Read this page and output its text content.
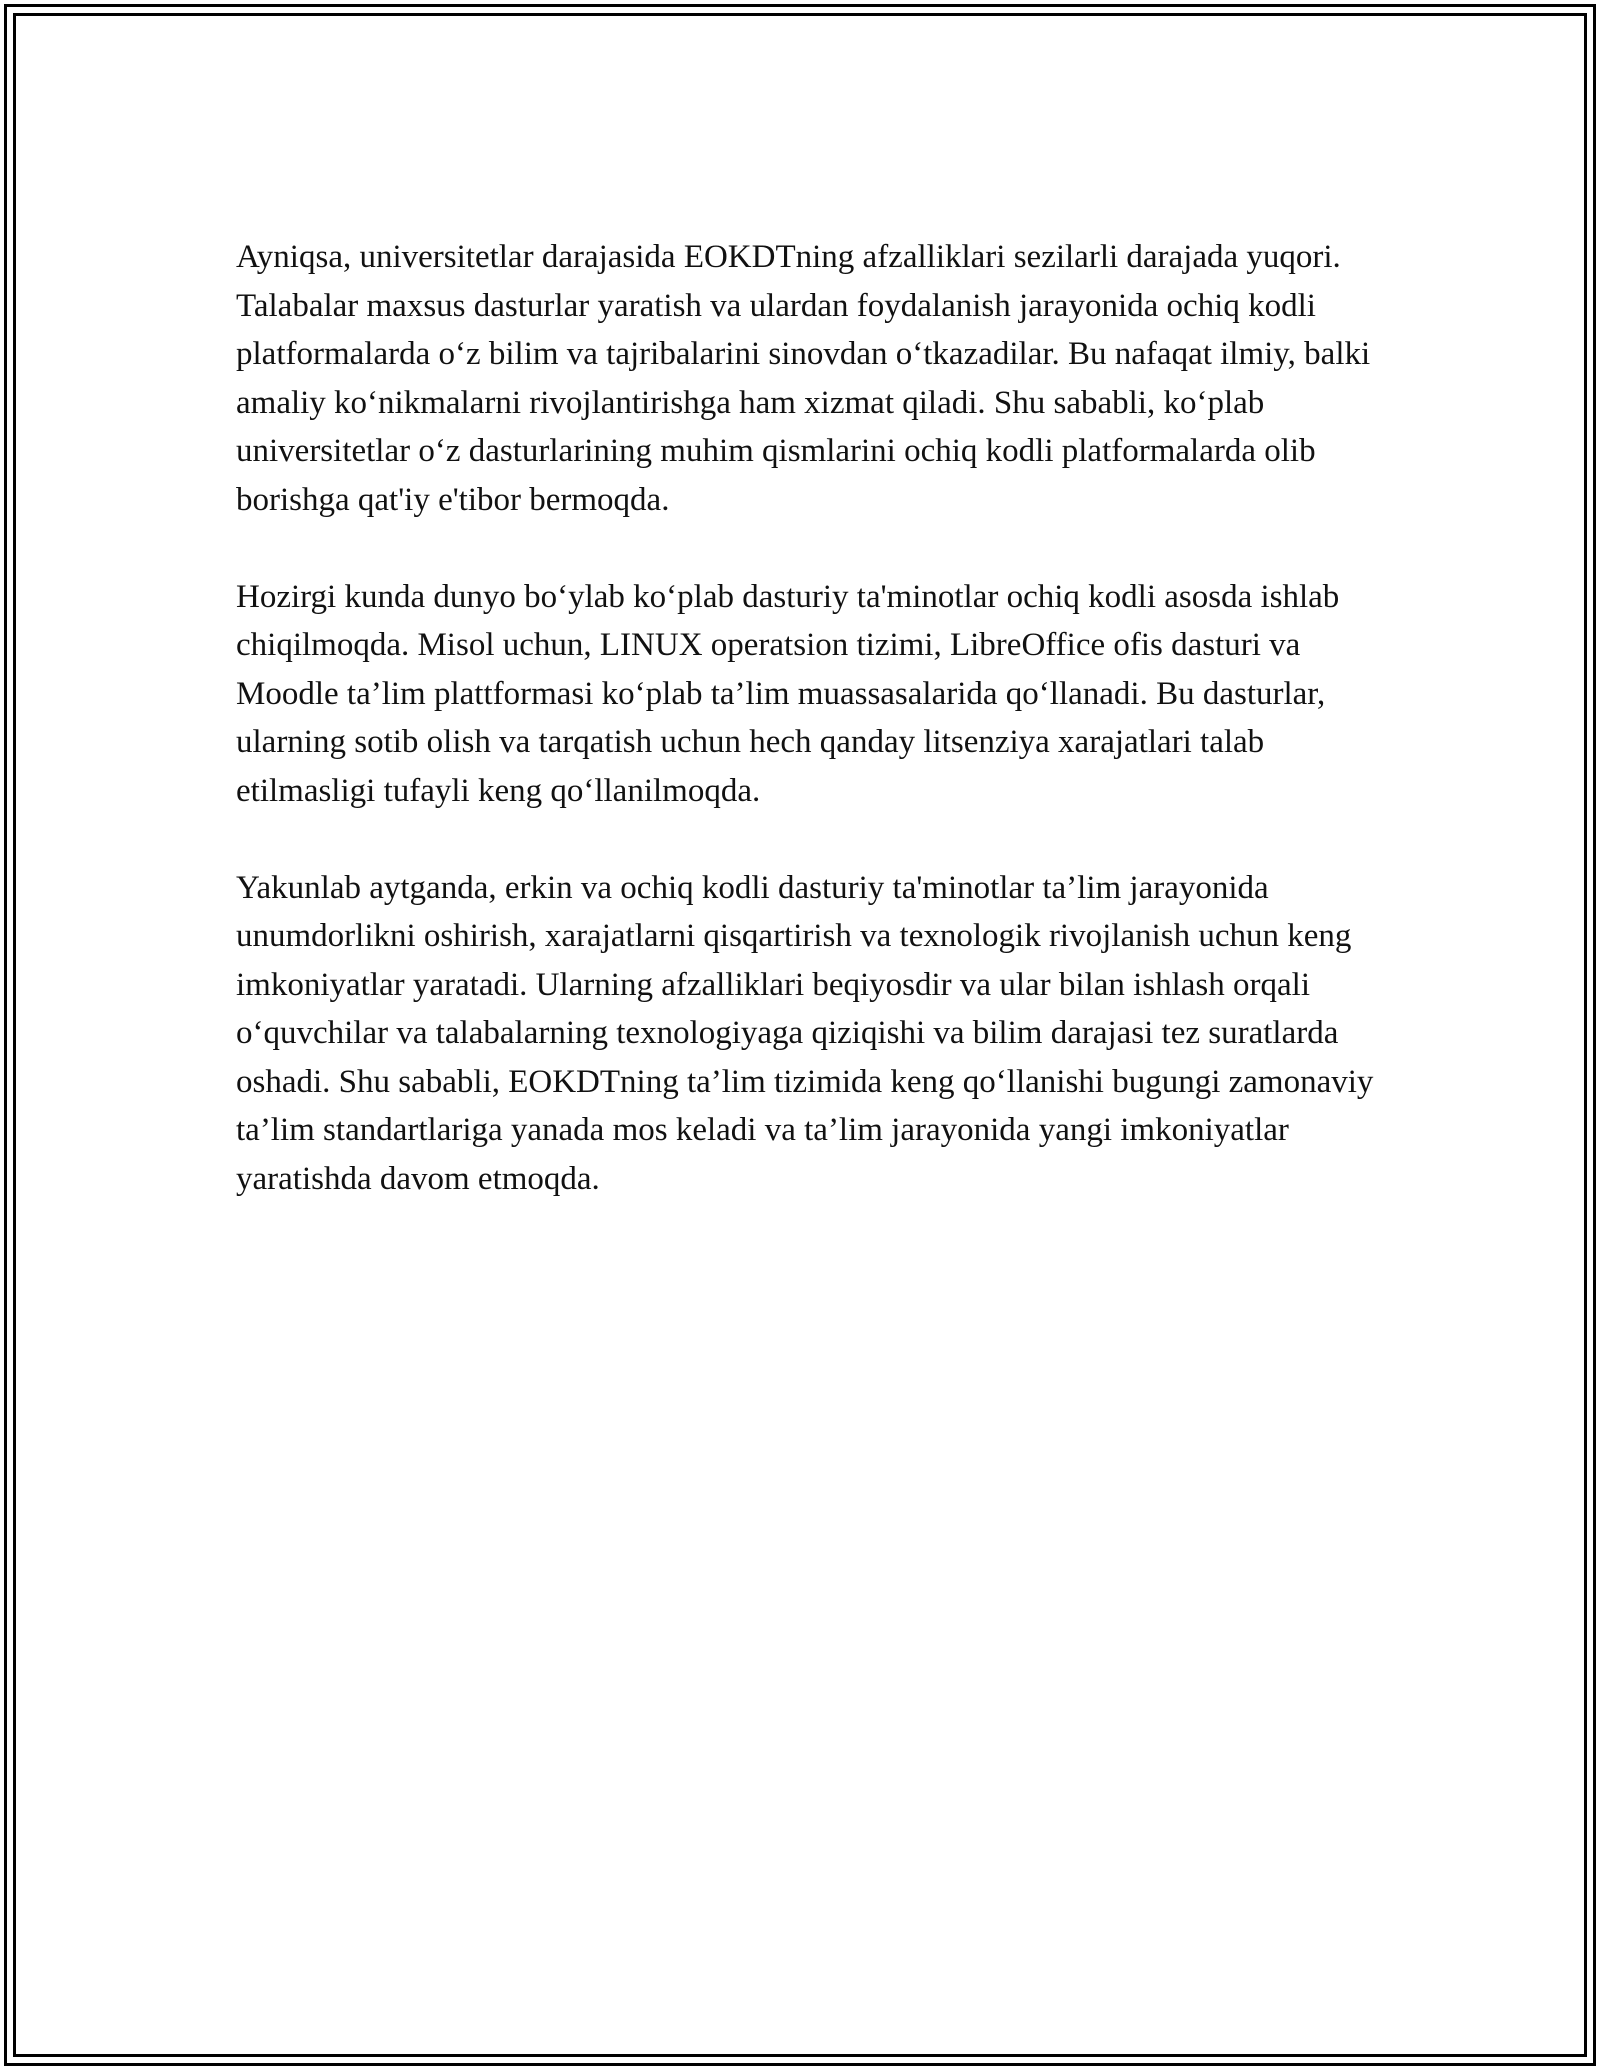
Ayniqsa, universitetlar darajasida EOKDTning afzalliklari sezilarli darajada yuqori. Talabalar maxsus dasturlar yaratish va ulardan foydalanish jarayonida ochiq kodli platformalarda o‘z bilim va tajribalarini sinovdan o‘tkazadilar. Bu nafaqat ilmiy, balki amaliy ko‘nikmalarni rivojlantirishga ham xizmat qiladi. Shu sababli, ko‘plab universitetlar o‘z dasturlarining muhim qismlarini ochiq kodli platformalarda olib borishga qat'iy e'tibor bermoqda.

Hozirgi kunda dunyo bo‘ylab ko‘plab dasturiy ta'minotlar ochiq kodli asosda ishlab chiqilmoqda. Misol uchun, LINUX operatsion tizimi, LibreOffice ofis dasturi va Moodle ta’lim plattformasi ko‘plab ta’lim muassasalarida qo‘llanadi. Bu dasturlar, ularning sotib olish va tarqatish uchun hech qanday litsenziya xarajatlari talab etilmasligi tufayli keng qo‘llanilmoqda.

Yakunlab aytganda, erkin va ochiq kodli dasturiy ta'minotlar ta’lim jarayonida unumdorlikni oshirish, xarajatlarni qisqartirish va texnologik rivojlanish uchun keng imkoniyatlar yaratadi. Ularning afzalliklari beqiyosdir va ular bilan ishlash orqali o‘quvchilar va talabalarning texnologiyaga qiziqishi va bilim darajasi tez suratlarda oshadi. Shu sababli, EOKDTning ta’lim tizimida keng qo‘llanishi bugungi zamonaviy ta’lim standartlariga yanada mos keladi va ta’lim jarayonida yangi imkoniyatlar yaratishda davom etmoqda.
